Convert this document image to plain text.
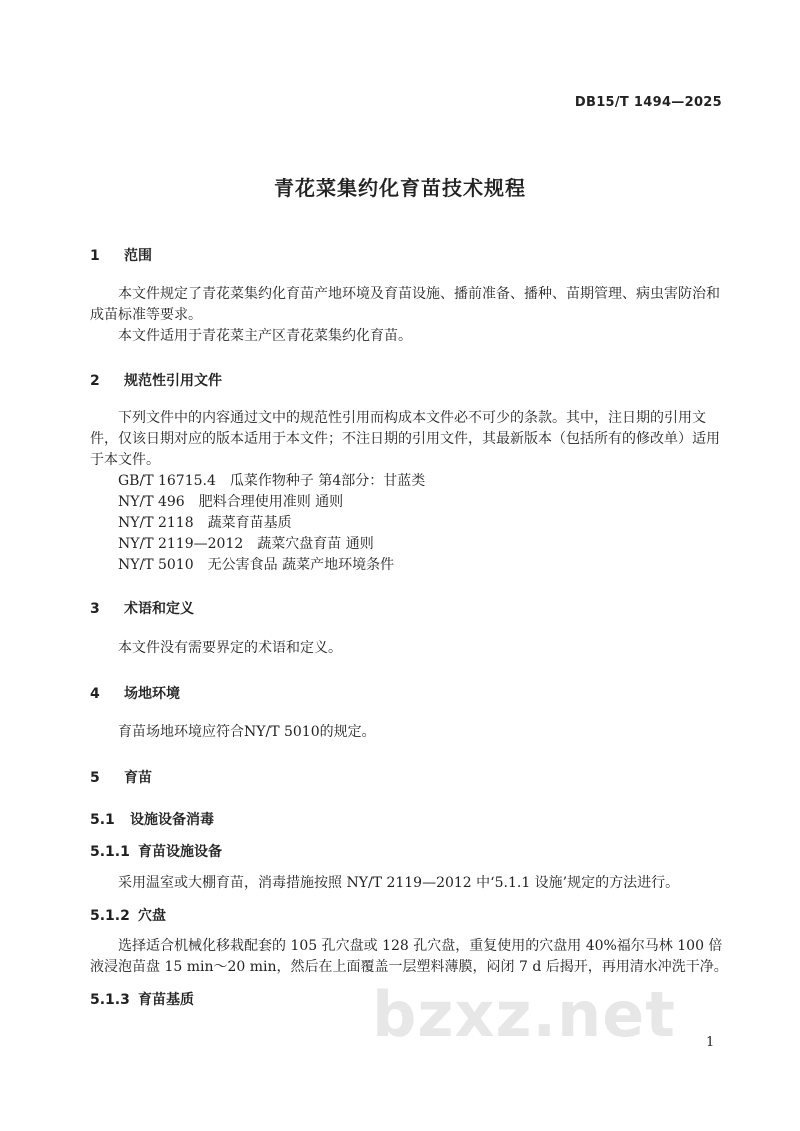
DB15/T 1494—2025
青花菜集约化育苗技术规程
1 范围
本文件规定了青花菜集约化育苗产地环境及育苗设施、播前准备、播种、苗期管理、病虫害防治和成苗标准等要求。
本文件适用于青花菜主产区青花菜集约化育苗。
2 规范性引用文件
下列文件中的内容通过文中的规范性引用而构成本文件必不可少的条款。其中，注日期的引用文件，仅该日期对应的版本适用于本文件；不注日期的引用文件，其最新版本（包括所有的修改单）适用于本文件。
GB/T 16715.4 瓜菜作物种子 第4部分：甘蓝类
NY/T 496 肥料合理使用准则 通则
NY/T 2118 蔬菜育苗基质
NY/T 2119—2012 蔬菜穴盘育苗 通则
NY/T 5010 无公害食品 蔬菜产地环境条件
3 术语和定义
本文件没有需要界定的术语和定义。
4 场地环境
育苗场地环境应符合NY/T 5010的规定。
5 育苗
5.1 设施设备消毒
5.1.1 育苗设施设备
采用温室或大棚育苗，消毒措施按照 NY/T 2119—2012 中‘5.1.1 设施’规定的方法进行。
5.1.2 穴盘
选择适合机械化移栽配套的 105 孔穴盘或 128 孔穴盘，重复使用的穴盘用 40%福尔马林 100 倍液浸泡苗盘 15 min～20 min，然后在上面覆盖一层塑料薄膜，闷闭 7 d 后揭开，再用清水冲洗干净。
5.1.3 育苗基质	bzxz.net 1
